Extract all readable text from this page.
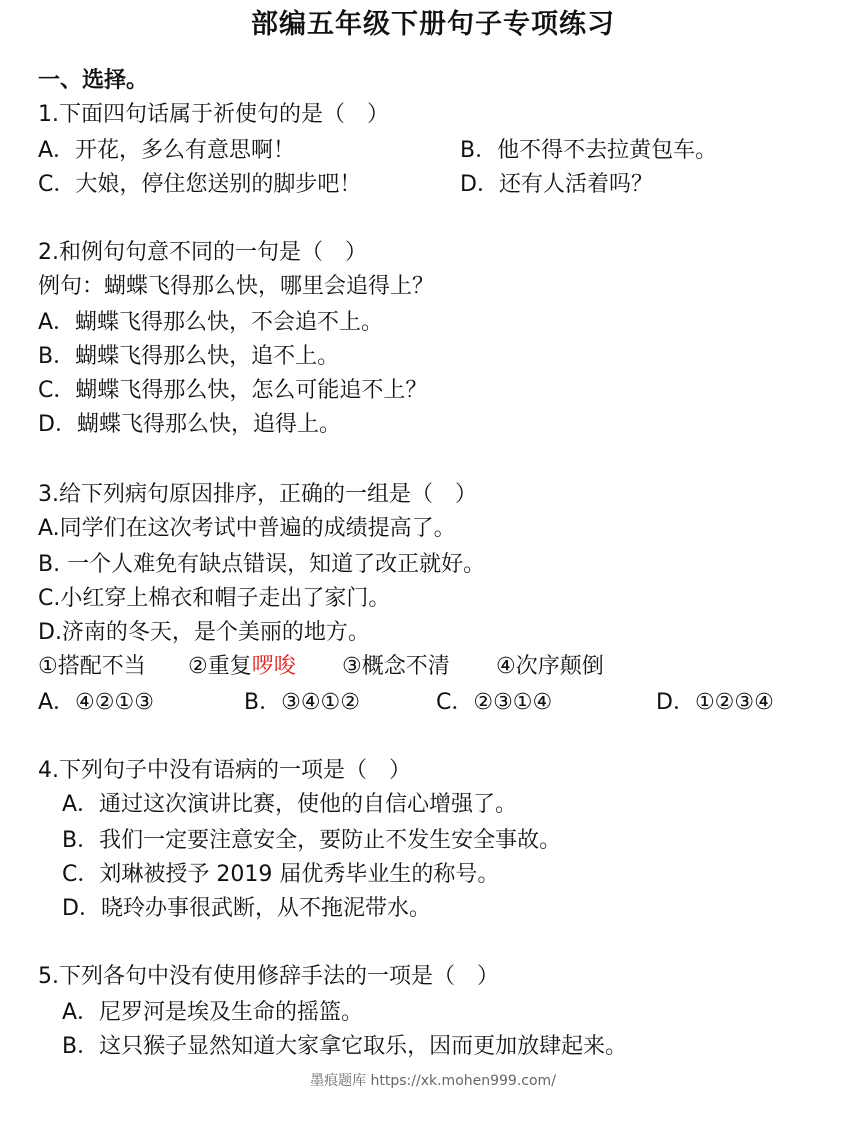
部编五年级下册句子专项练习
一、选择。
1.下面四句话属于祈使句的是（　）
A．开花，多么有意思啊！	B．他不得不去拉黄包车。
C．大娘，停住您送别的脚步吧！	D．还有人活着吗？
2.和例句句意不同的一句是（　）
例句：蝴蝶飞得那么快，哪里会追得上？
A．蝴蝶飞得那么快，不会追不上。
B．蝴蝶飞得那么快，追不上。
C．蝴蝶飞得那么快，怎么可能追不上？
D．蝴蝶飞得那么快，追得上。
3.给下列病句原因排序，正确的一组是（　）
A.同学们在这次考试中普遍的成绩提高了。
B. 一个人难免有缺点错误，知道了改正就好。
C.小红穿上棉衣和帽子走出了家门。
D.济南的冬天，是个美丽的地方。
①搭配不当 ②重复啰唆 ③概念不清 ④次序颠倒
A．④②①③	B．③④①②	C．②③①④	D．①②③④
4.下列句子中没有语病的一项是（　）
A．通过这次演讲比赛，使他的自信心增强了。
B．我们一定要注意安全，要防止不发生安全事故。
C．刘琳被授予 2019 届优秀毕业生的称号。
D．晓玲办事很武断，从不拖泥带水。
5.下列各句中没有使用修辞手法的一项是（　）
A．尼罗河是埃及生命的摇篮。
B．这只猴子显然知道大家拿它取乐，因而更加放肆起来。
墨痕题库 https://xk.mohen999.com/
